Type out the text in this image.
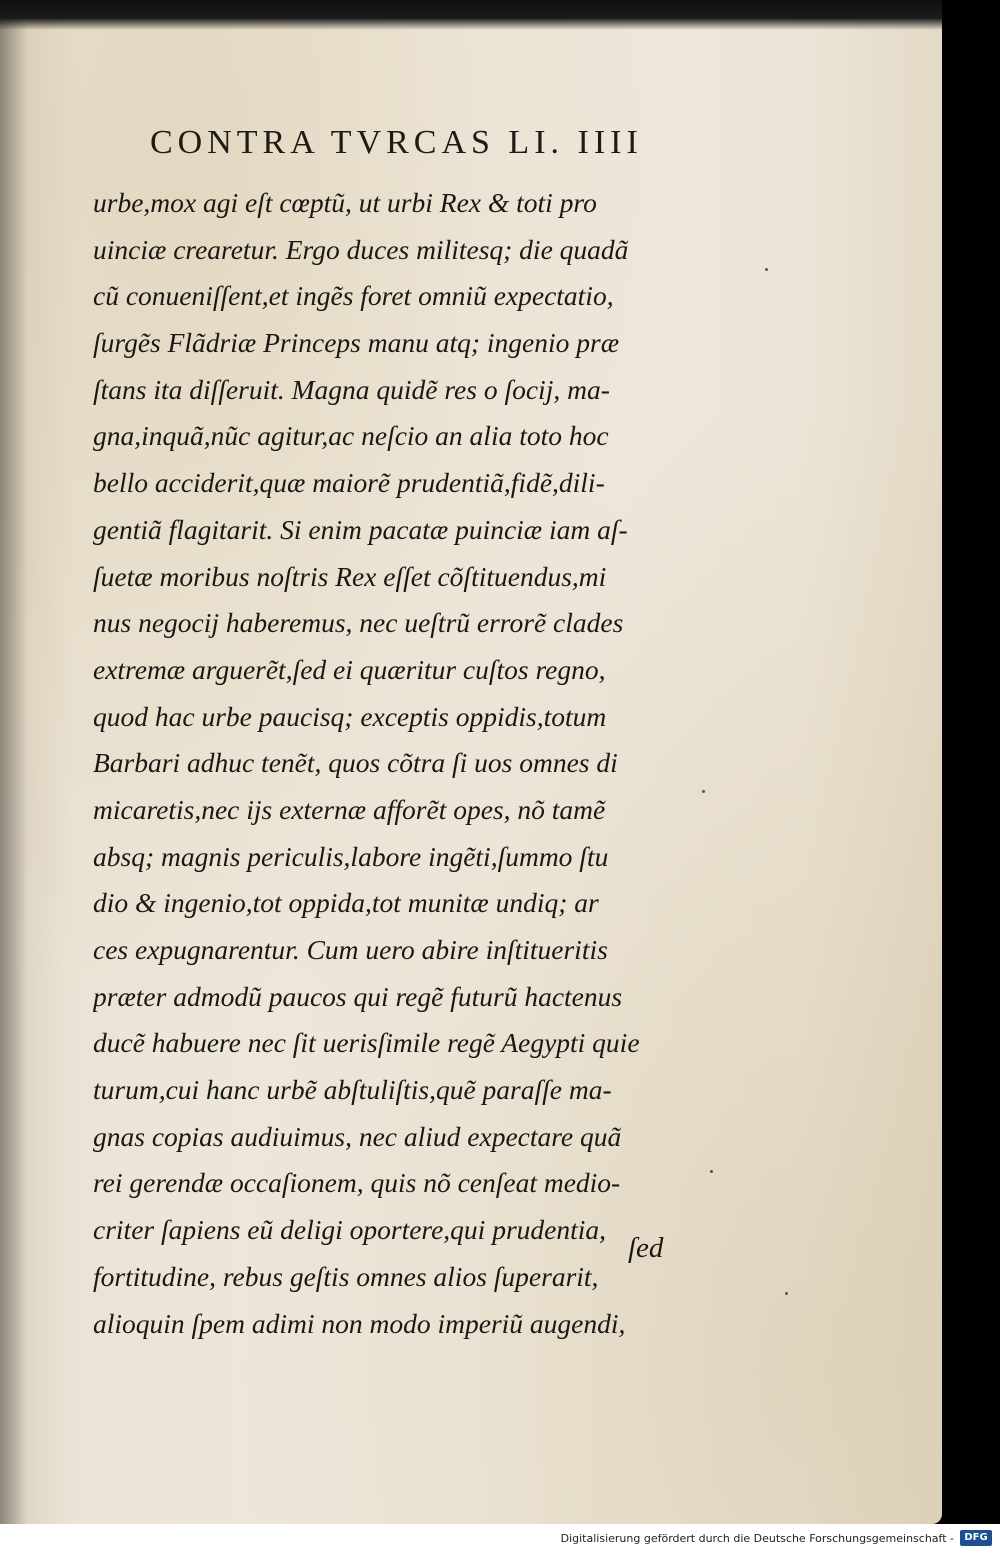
CONTRA TVRCAS LI. IIII
urbe,mox agi eſt cœptũ, ut urbi Rex & toti pro
uinciæ crearetur. Ergo duces militesq; die quadã
cũ conueniſſent,et ingẽs foret omniũ expectatio,
ſurgẽs Flãdriæ Princeps manu atq; ingenio præ
ſtans ita diſſeruit. Magna quidẽ res o ſocij, ma-
gna,inquã,nũc agitur,ac neſcio an alia toto hoc
bello acciderit,quæ maiorẽ prudentiã,fidẽ,dili-
gentiã flagitarit. Si enim pacatæ puinciæ iam aſ-
ſuetæ moribus noſtris Rex eſſet cõſtituendus,mi
nus negocij haberemus, nec ueſtrũ errorẽ clades
extremæ arguerẽt,ſed ei quæritur cuſtos regno,
quod hac urbe paucisq; exceptis oppidis,totum
Barbari adhuc tenẽt, quos cõtra ſi uos omnes di
micaretis,nec ijs externæ afforẽt opes, nõ tamẽ
absq; magnis periculis,labore ingẽti,ſummo ſtu
dio & ingenio,tot oppida,tot munitæ undiq; ar
ces expugnarentur. Cum uero abire inſtitueritis
præter admodũ paucos qui regẽ futurũ hactenus
ducẽ habuere nec ſit uerisſimile regẽ Aegypti quie
turum,cui hanc urbẽ abſtuliſtis,quẽ paraſſe ma-
gnas copias audiuimus, nec aliud expectare quã
rei gerendæ occaſionem, quis nõ cenſeat medio-
criter ſapiens eũ deligi oportere,qui prudentia,
fortitudine, rebus geſtis omnes alios ſuperarit,
alioquin ſpem adimi non modo imperiũ augendi,
ſed
Digitalisierung gefördert durch die Deutsche Forschungsgemeinschaft -	DFG
